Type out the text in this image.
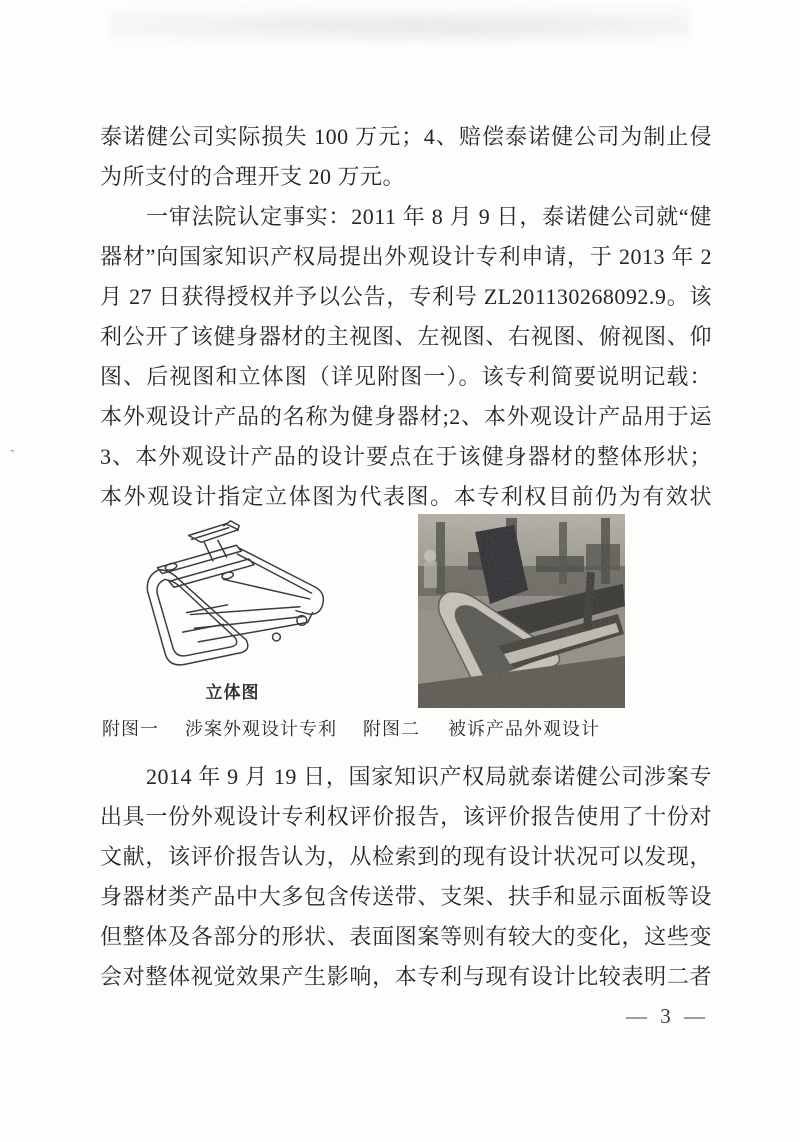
ˋ
泰诺健公司实际损失 100 万元；4、赔偿泰诺健公司为制止侵
为所支付的合理开支 20 万元。
一审法院认定事实：2011 年 8 月 9 日，泰诺健公司就“健
器材”向国家知识产权局提出外观设计专利申请，于 2013 年 2
月 27 日获得授权并予以公告，专利号 ZL201130268092.9。该
利公开了该健身器材的主视图、左视图、右视图、俯视图、仰
图、后视图和立体图（详见附图一）。该专利简要说明记载：
本外观设计产品的名称为健身器材;2、本外观设计产品用于运
3、本外观设计产品的设计要点在于该健身器材的整体形状；
本外观设计指定立体图为代表图。本专利权目前仍为有效状
立体图
附图一 涉案外观设计专利 附图二 被诉产品外观设计
2014 年 9 月 19 日，国家知识产权局就泰诺健公司涉案专
出具一份外观设计专利权评价报告，该评价报告使用了十份对
文献，该评价报告认为，从检索到的现有设计状况可以发现，
身器材类产品中大多包含传送带、支架、扶手和显示面板等设
但整体及各部分的形状、表面图案等则有较大的变化，这些变
会对整体视觉效果产生影响，本专利与现有设计比较表明二者
— 3 —
